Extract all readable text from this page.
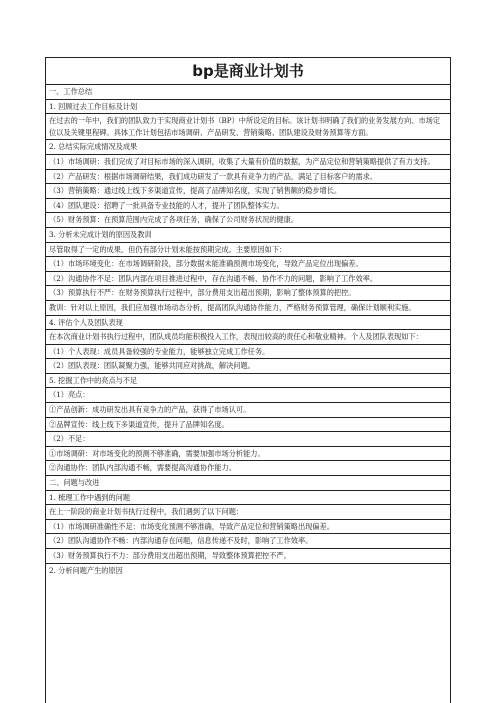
bp是商业计划书
一、工作总结
1. 回顾过去工作目标及计划
在过去的一年中，我们的团队致力于实现商业计划书（BP）中所设定的目标。该计划书明确了我们的业务发展方向、市场定位以及关键里程碑。具体工作计划包括市场调研、产品研发、营销策略、团队建设及财务预算等方面。
2. 总结实际完成情况及成果
（1）市场调研：我们完成了对目标市场的深入调研，收集了大量有价值的数据，为产品定位和营销策略提供了有力支持。
（2）产品研发：根据市场调研结果，我们成功研发了一款具有竞争力的产品，满足了目标客户的需求。
（3）营销策略：通过线上线下多渠道宣传，提高了品牌知名度，实现了销售额的稳步增长。
（4）团队建设：招聘了一批具备专业技能的人才，提升了团队整体实力。
（5）财务预算：在预算范围内完成了各项任务，确保了公司财务状况的健康。
3. 分析未完成计划的原因及教训
尽管取得了一定的成果，但仍有部分计划未能按预期完成。主要原因如下：
（1）市场环境变化：在市场调研阶段，部分数据未能准确预测市场变化，导致产品定位出现偏差。
（2）沟通协作不足：团队内部在项目推进过程中，存在沟通不畅、协作不力的问题，影响了工作效率。
（3）预算执行不严：在财务预算执行过程中，部分费用支出超出预期，影响了整体预算的把控。
教训：针对以上原因，我们应加强市场动态分析，提高团队沟通协作能力，严格财务预算管理，确保计划顺利实施。
4. 评估个人及团队表现
在本次商业计划书执行过程中，团队成员均能积极投入工作，表现出较高的责任心和敬业精神。个人及团队表现如下：
（1）个人表现：成员具备较强的专业能力，能够独立完成工作任务。
（2）团队表现：团队凝聚力强，能够共同应对挑战，解决问题。
5. 挖掘工作中的亮点与不足
（1）亮点：
①产品创新：成功研发出具有竞争力的产品，获得了市场认可。
②品牌宣传：线上线下多渠道宣传，提升了品牌知名度。
（2）不足：
①市场调研：对市场变化的预测不够准确，需要加强市场分析能力。
②沟通协作：团队内部沟通不畅，需要提高沟通协作能力。
二、问题与改进
1. 梳理工作中遇到的问题
在上一阶段的商业计划书执行过程中，我们遇到了以下问题：
（1）市场调研准确性不足：市场变化预测不够准确，导致产品定位和营销策略出现偏差。
（2）团队沟通协作不畅：内部沟通存在问题，信息传递不及时，影响了工作效率。
（3）财务预算执行不力：部分费用支出超出预期，导致整体预算把控不严。
2. 分析问题产生的原因
